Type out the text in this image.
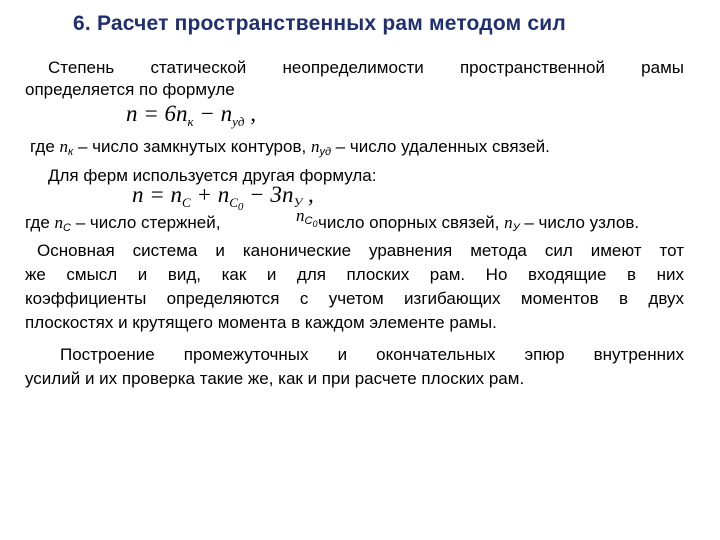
6. Расчет пространственных рам методом сил
Степень статической неопределимости пространственной рамы
определяется по формуле
$n = 6n_к - n_{уд}$ ,
где nк – число замкнутых контуров, nуд – число удаленных связей.
Для ферм используется другая формула:
$n = n_C + n_{C0} - 3n_У$ ,
где nC – число стержней,	$nC_0$ число опорных связей, nУ – число узлов.
Основная система и канонические уравнения метода сил имеют тот
же смысл и вид, как и для плоских рам. Но входящие в них
коэффициенты определяются с учетом изгибающих моментов в двух
плоскостях и крутящего момента в каждом элементе рамы.
Построение промежуточных и окончательных эпюр внутренних
усилий и их проверка такие же, как и при расчете плоских рам.
